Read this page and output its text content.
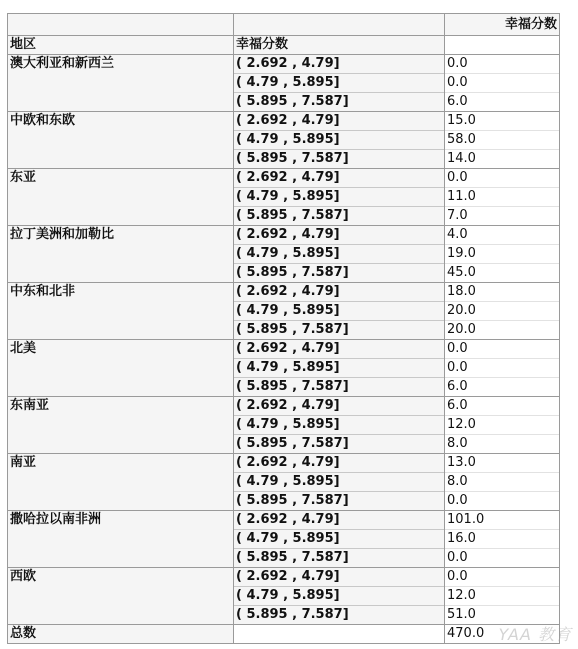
		幸福分数
地区	幸福分数	
澳大利亚和新西兰	( 2.692 , 4.79]	0.0
	( 4.79 , 5.895]	0.0
	( 5.895 , 7.587]	6.0
中欧和东欧	( 2.692 , 4.79]	15.0
	( 4.79 , 5.895]	58.0
	( 5.895 , 7.587]	14.0
东亚	( 2.692 , 4.79]	0.0
	( 4.79 , 5.895]	11.0
	( 5.895 , 7.587]	7.0
拉丁美洲和加勒比	( 2.692 , 4.79]	4.0
	( 4.79 , 5.895]	19.0
	( 5.895 , 7.587]	45.0
中东和北非	( 2.692 , 4.79]	18.0
	( 4.79 , 5.895]	20.0
	( 5.895 , 7.587]	20.0
北美	( 2.692 , 4.79]	0.0
	( 4.79 , 5.895]	0.0
	( 5.895 , 7.587]	6.0
东南亚	( 2.692 , 4.79]	6.0
	( 4.79 , 5.895]	12.0
	( 5.895 , 7.587]	8.0
南亚	( 2.692 , 4.79]	13.0
	( 4.79 , 5.895]	8.0
	( 5.895 , 7.587]	0.0
撒哈拉以南非洲	( 2.692 , 4.79]	101.0
	( 4.79 , 5.895]	16.0
	( 5.895 , 7.587]	0.0
西欧	( 2.692 , 4.79]	0.0
	( 4.79 , 5.895]	12.0
	( 5.895 , 7.587]	51.0
总数		470.0 YAA 教育
